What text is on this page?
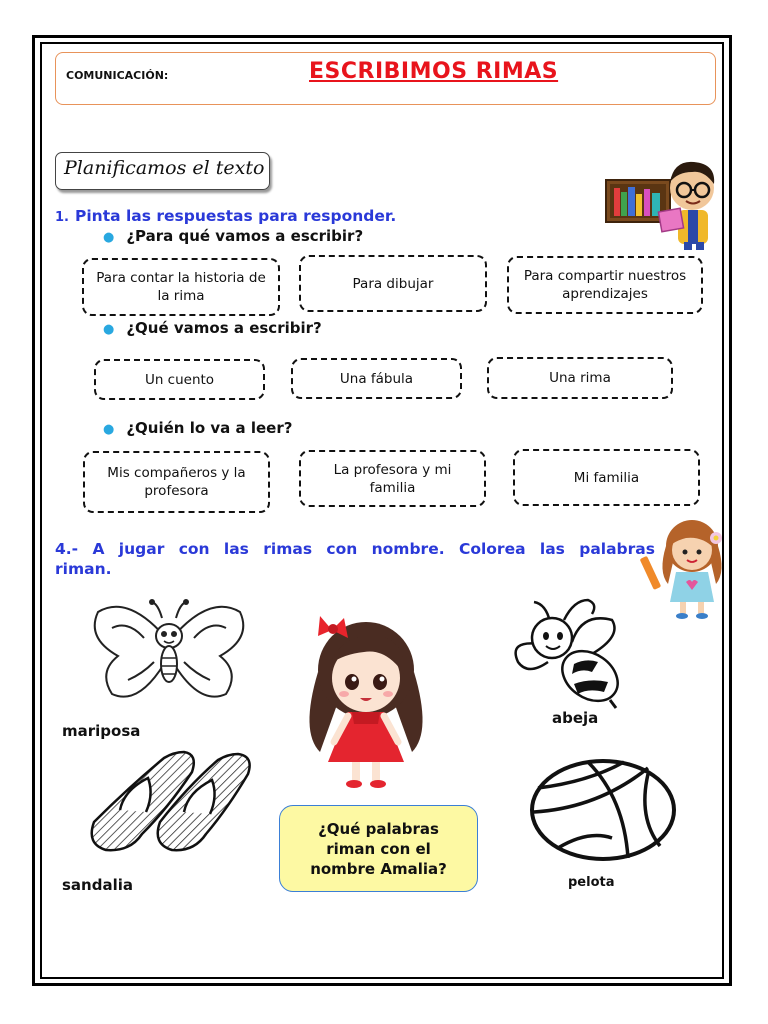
COMUNICACIÓN:	ESCRIBIMOS RIMAS
Planificamos el texto
1. Pinta las respuestas para responder.
● ¿Para qué vamos a escribir?
Para contar la historia de la rima
Para dibujar	Para compartir nuestros aprendizajes
● ¿Qué vamos a escribir?
Un cuento	Una fábula	Una rima
● ¿Quién lo va a leer?
Mis compañeros y la profesora
La profesora y mi familia
Mi familia
4.- A jugar con las rimas con nombre. Colorea las palabras
riman.
mariposa
abeja
sandalia	pelota
¿Qué palabras riman con el nombre Amalia?
